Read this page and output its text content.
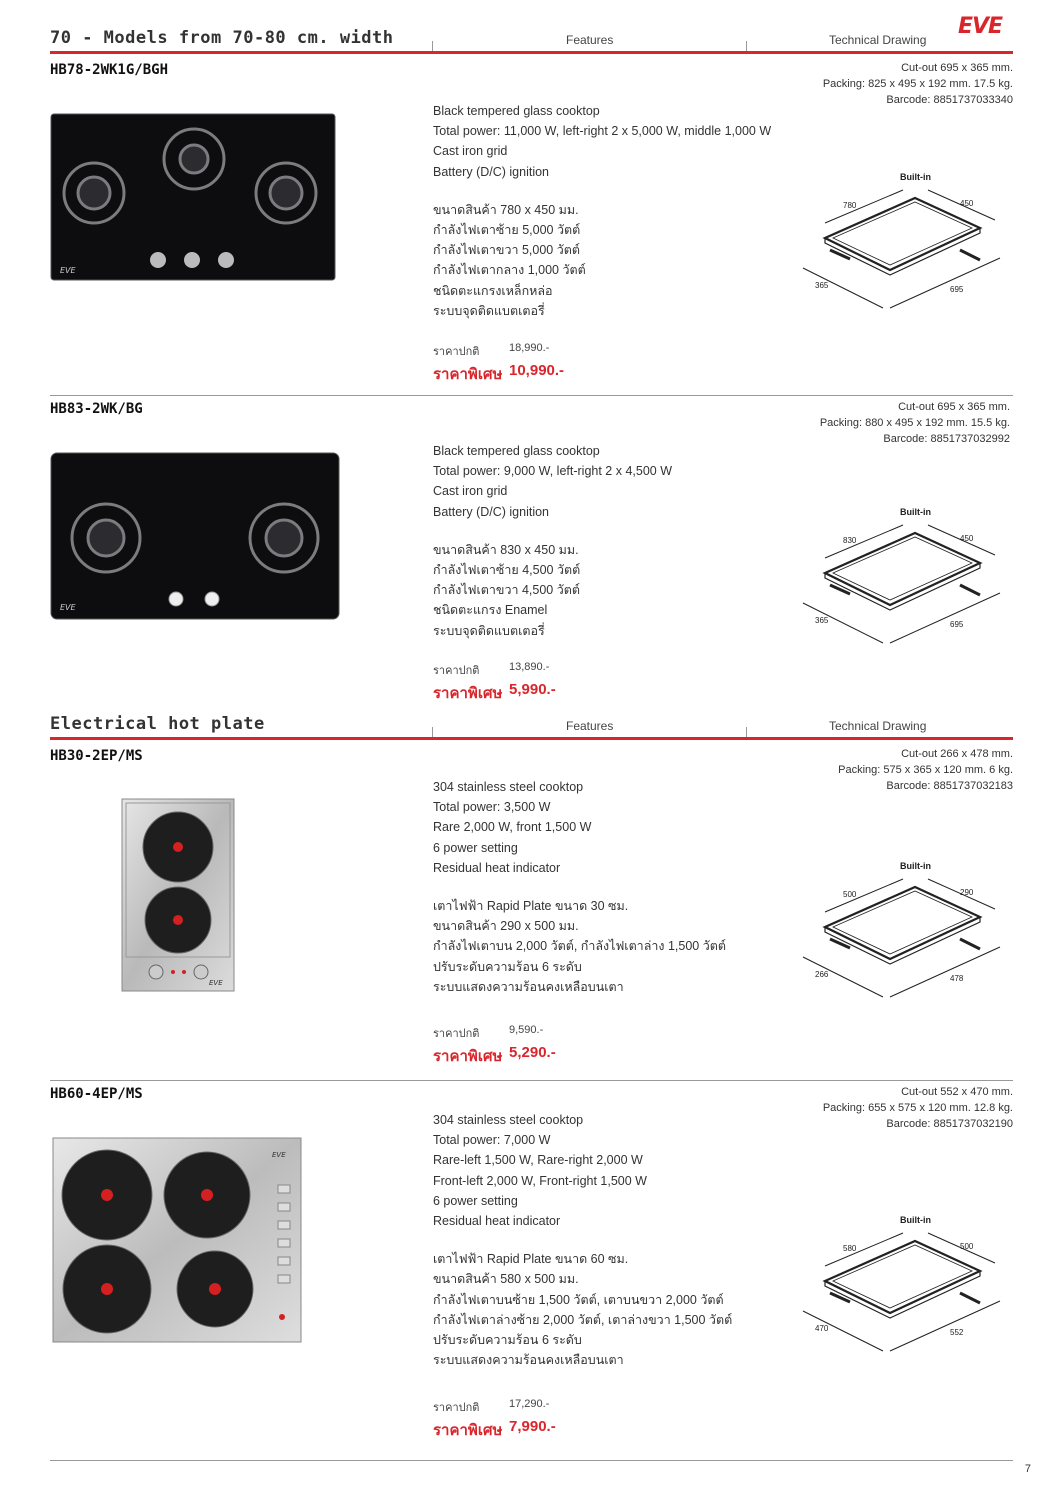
EVE
70 - Models from 70-80 cm. width	Features	Technical Drawing
HB78-2WK1G/BGH	Cut-out 695 x 365 mm.
Packing: 825 x 495 x 192 mm. 17.5 kg.
Barcode: 8851737033340
EVE
Black tempered glass cooktop
Total power: 11,000 W, left-right 2 x 5,000 W, middle 1,000 W
Cast iron grid
Battery (D/C) ignition
ขนาดสินค้า 780 x 450 มม.
กำลังไฟเตาซ้าย 5,000 วัตต์
กำลังไฟเตาขวา 5,000 วัตต์
กำลังไฟเตากลาง 1,000 วัตต์
ชนิดตะแกรงเหล็กหล่อ
ระบบจุดติดแบตเตอรี่
ราคาปกติ	18,990.-
ราคาพิเศษ 10,990.-
Built-in
780	450
365	695
HB83-2WK/BG	Cut-out 695 x 365 mm.
Packing: 880 x 495 x 192 mm. 15.5 kg.
Barcode: 8851737032992
EVE
Black tempered glass cooktop
Total power: 9,000 W, left-right 2 x 4,500 W
Cast iron grid
Battery (D/C) ignition
ขนาดสินค้า 830 x 450 มม.
กำลังไฟเตาซ้าย 4,500 วัตต์
กำลังไฟเตาขวา 4,500 วัตต์
ชนิดตะแกรง Enamel
ระบบจุดติดแบตเตอรี่
ราคาปกติ	13,890.-
ราคาพิเศษ 5,990.-
Built-in
830	450
365	695
Electrical hot plate	Features	Technical Drawing
HB30-2EP/MS	Cut-out 266 x 478 mm.
Packing: 575 x 365 x 120 mm. 6 kg.
Barcode: 8851737032183
EVE
304 stainless steel cooktop
Total power: 3,500 W
Rare 2,000 W, front 1,500 W
6 power setting
Residual heat indicator
เตาไฟฟ้า Rapid Plate ขนาด 30 ซม.
ขนาดสินค้า 290 x 500 มม.
กำลังไฟเตาบน 2,000 วัตต์, กำลังไฟเตาล่าง 1,500 วัตต์
ปรับระดับความร้อน 6 ระดับ
ระบบแสดงความร้อนคงเหลือบนเตา
ราคาปกติ	9,590.-
ราคาพิเศษ 5,290.-
Built-in
500	290
266	478
HB60-4EP/MS	Cut-out 552 x 470 mm.
Packing: 655 x 575 x 120 mm. 12.8 kg.
Barcode: 8851737032190
EVE
304 stainless steel cooktop
Total power: 7,000 W
Rare-left 1,500 W, Rare-right 2,000 W
Front-left 2,000 W, Front-right 1,500 W
6 power setting
Residual heat indicator
เตาไฟฟ้า Rapid Plate ขนาด 60 ซม.
ขนาดสินค้า 580 x 500 มม.
กำลังไฟเตาบนซ้าย 1,500 วัตต์, เตาบนขวา 2,000 วัตต์
กำลังไฟเตาล่างซ้าย 2,000 วัตต์, เตาล่างขวา 1,500 วัตต์
ปรับระดับความร้อน 6 ระดับ
ระบบแสดงความร้อนคงเหลือบนเตา
ราคาปกติ	17,290.-
ราคาพิเศษ 7,990.-
Built-in
580	500
470	552
7
